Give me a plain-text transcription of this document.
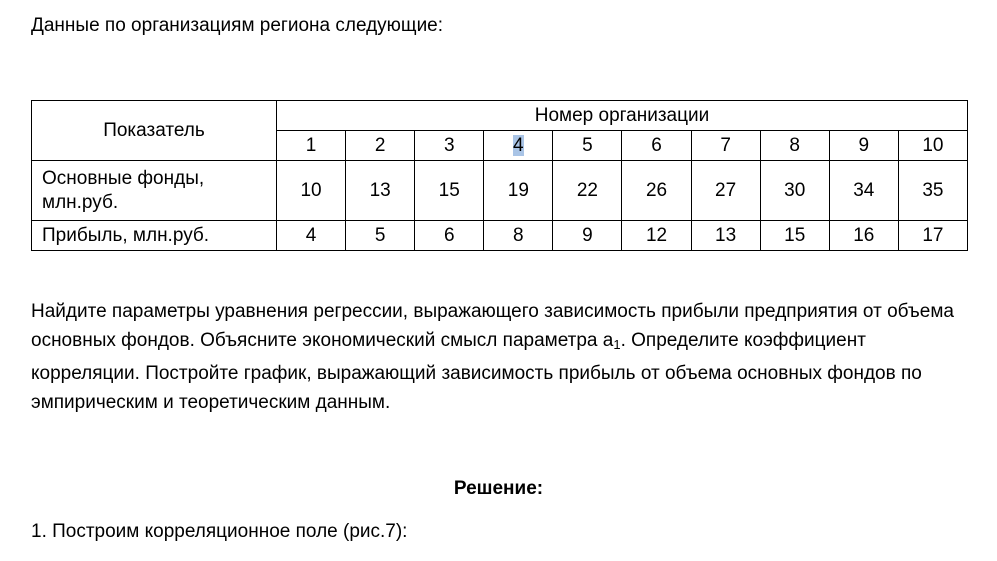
Данные по организациям региона следующие:

Показатель	Номер организации									
	1	2	3	4	5	6	7	8	9	10
Основные фонды, млн.руб.	10	13	15	19	22	26	27	30	34	35
Прибыль, млн.руб.	4	5	6	8	9	12	13	15	16	17

Найдите параметры уравнения регрессии, выражающего зависимость прибыли предприятия от объема основных фондов. Объясните экономический смысл параметра $а_1$. Определите коэффициент корреляции. Постройте график, выражающий зависимость прибыль от объема основных фондов по эмпирическим и теоретическим данным.

Решение:

1. Построим корреляционное поле (рис.7):
